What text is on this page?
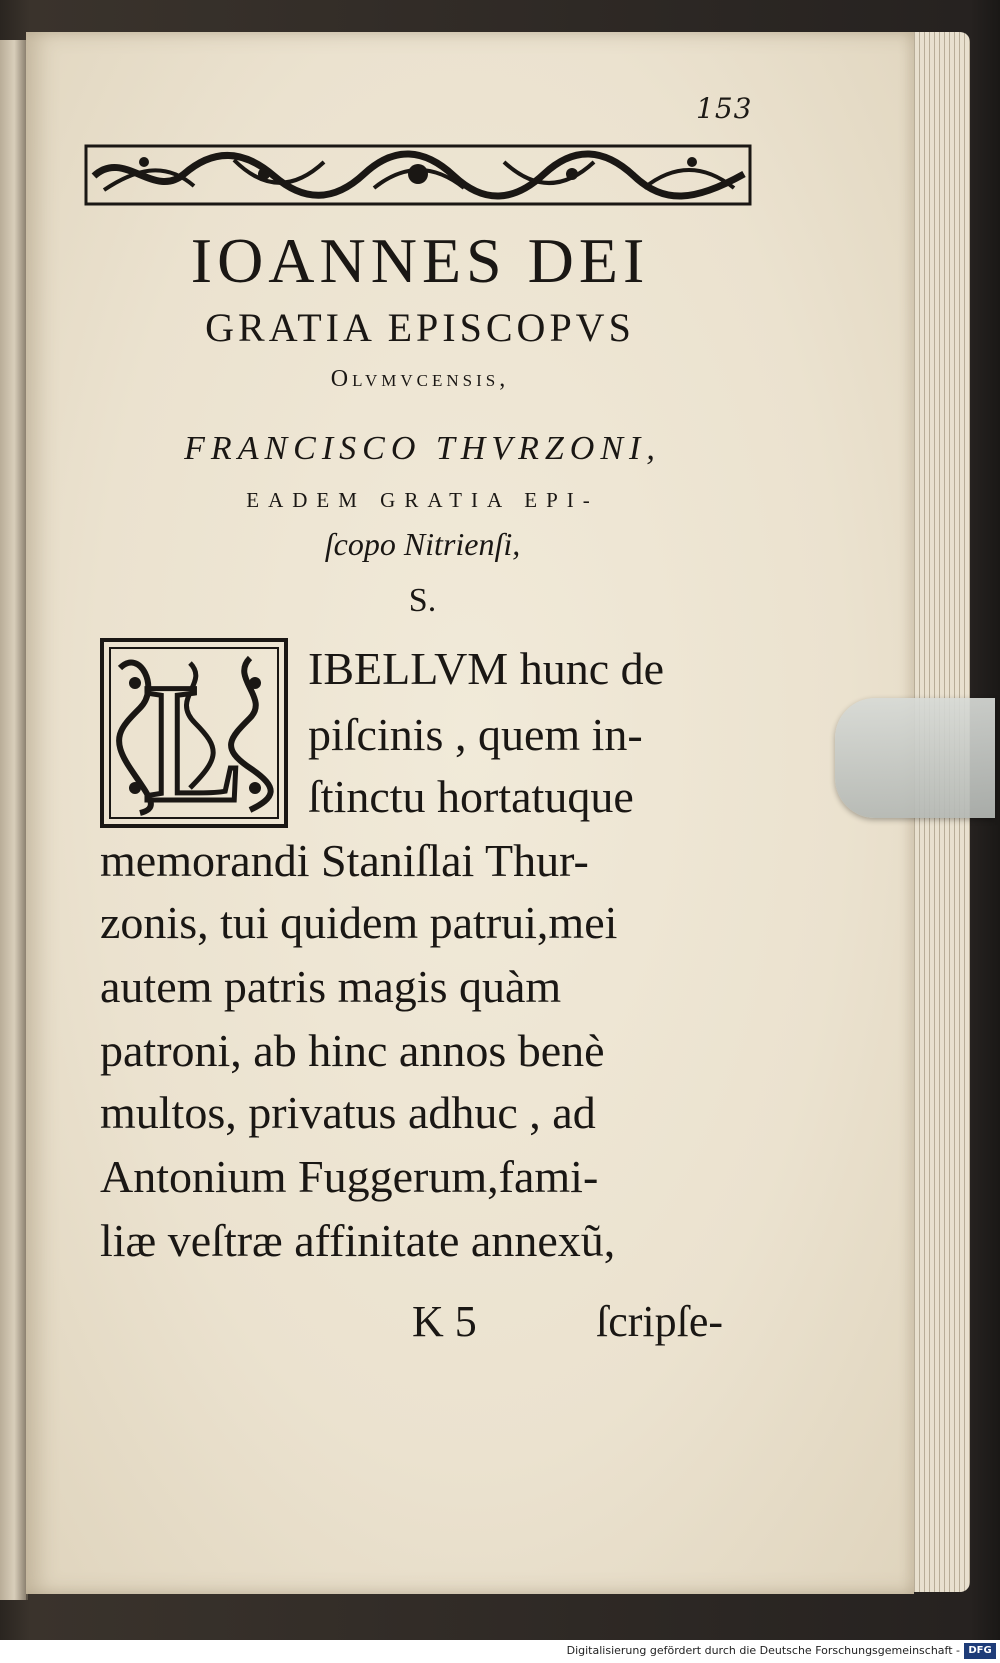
153
IOANNES DEI
GRATIA EPISCOPVS
Olvmvcensis,
FRANCISCO THVRZONI,
EADEM GRATIA EPI-
ſcopo Nitrienſi,
S.
L IBELLVM hunc de
piſcinis , quem in-
ſtinctu hortatuque
memorandi Staniſlai Thur-
zonis, tui quidem patrui,mei
autem patris magis quàm
patroni, ab hinc annos benè
multos, privatus adhuc , ad
Antonium Fuggerum,fami-
liæ veſtræ affinitate annexũ,
K 5	ſcripſe-
Digitalisierung gefördert durch die Deutsche Forschungsgemeinschaft - DFG
